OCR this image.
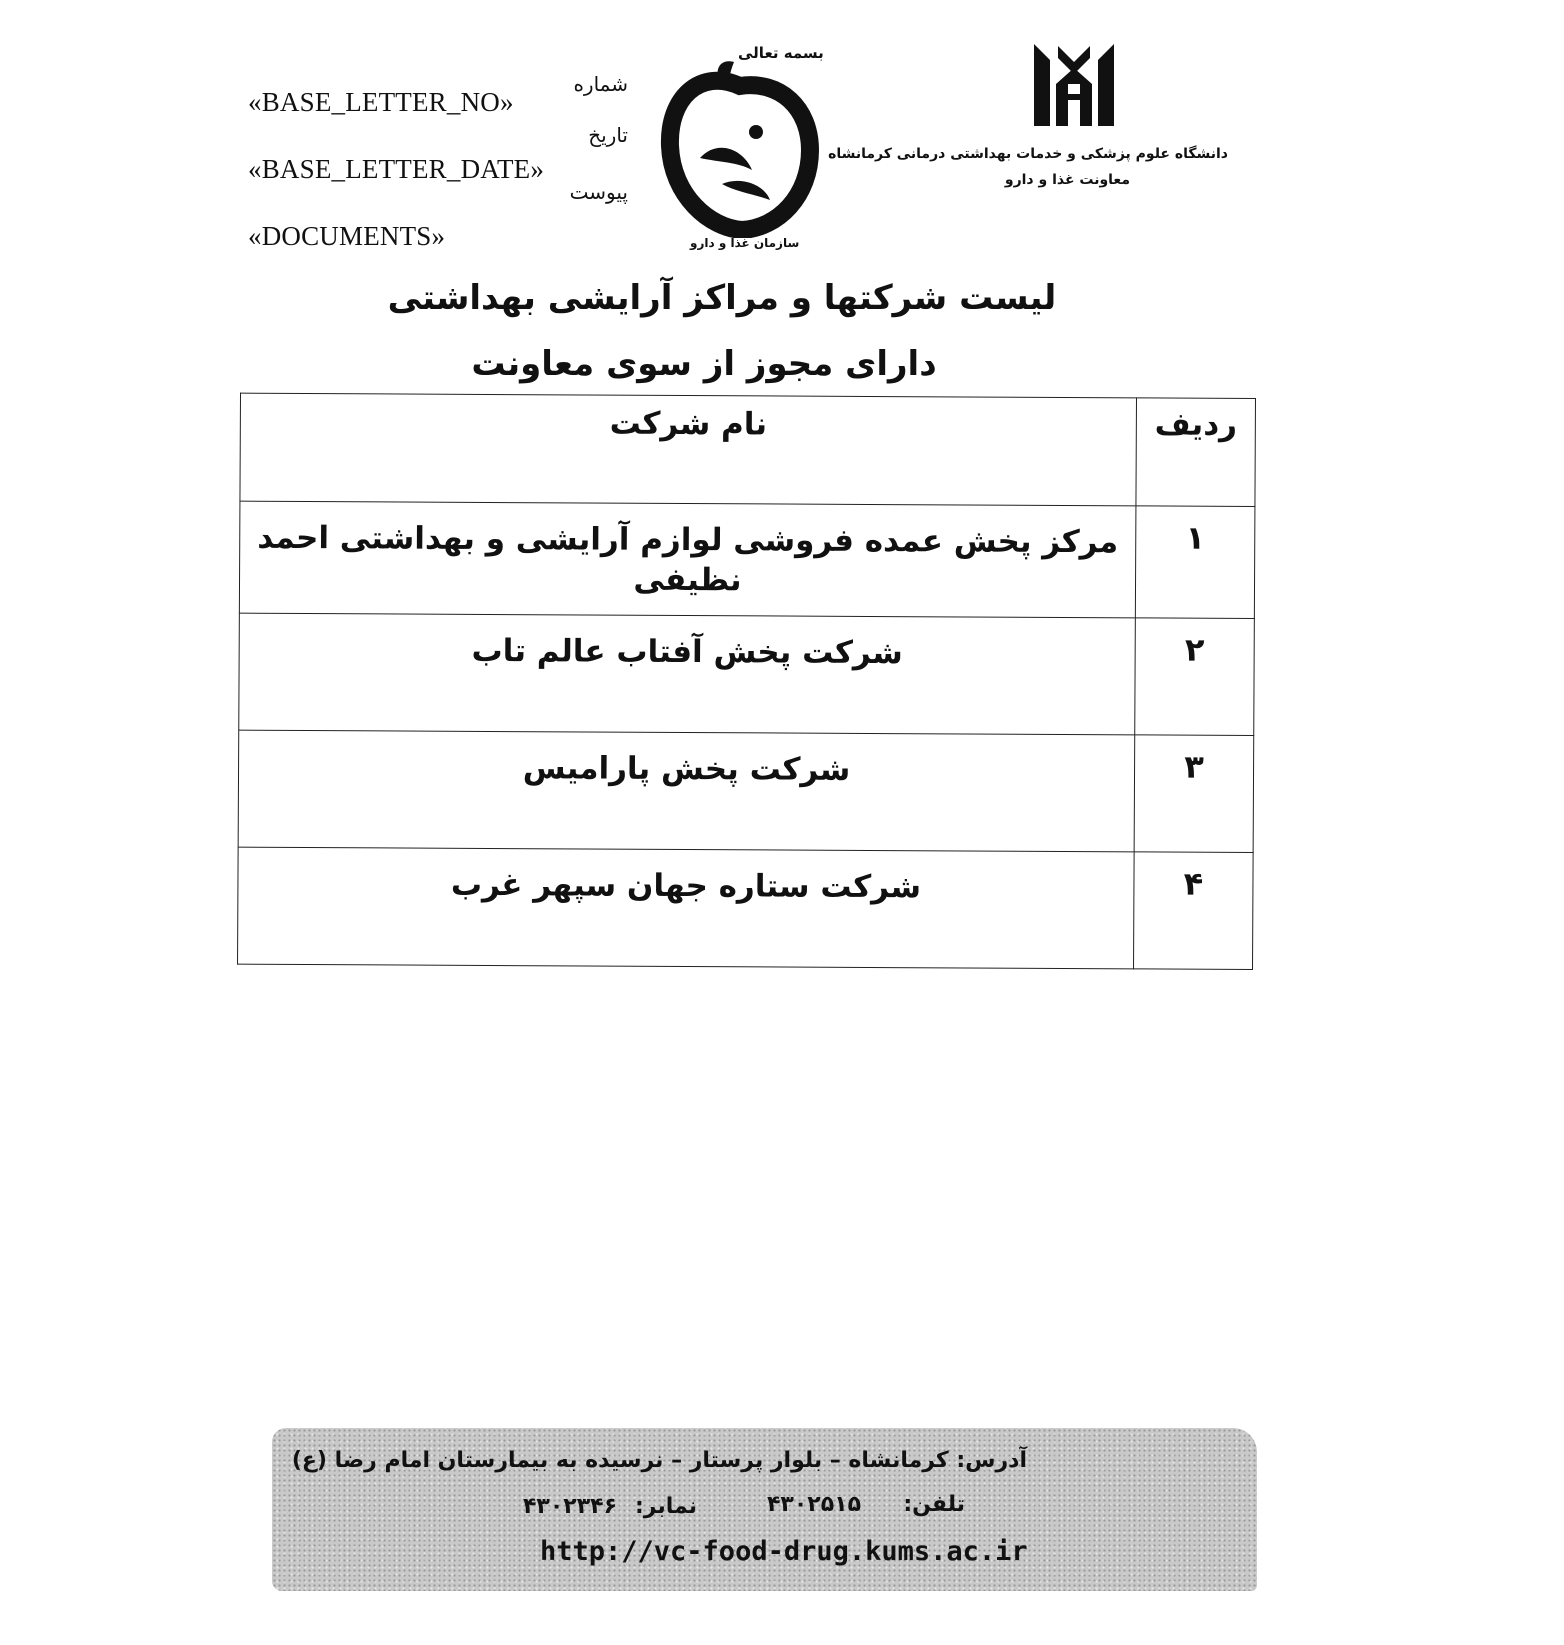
«BASE_LETTER_NO»
شماره
«BASE_LETTER_DATE»
تاریخ
«DOCUMENTS»
پیوست
بسمه تعالی
IRFDO
سازمان غذا و دارو
دانشگاه علوم پزشکی و خدمات بهداشتی درمانی کرمانشاه
معاونت غذا و دارو
لیست شرکتها و مراکز آرایشی بهداشتی
دارای مجوز از سوی معاونت
ردیف	نام شرکت
۱	مرکز پخش عمده فروشی لوازم آرایشی و بهداشتی احمد نظیفی
۲	شرکت پخش آفتاب عالم تاب
۳	شرکت پخش پارامیس
۴	شرکت ستاره جهان سپهر غرب
آدرس: کرمانشاه – بلوار پرستار – نرسیده به بیمارستان امام رضا (ع)
تلفن:
۴۳۰۲۵۱۵
نمابر:
۴۳۰۲۳۴۶
http://vc-food-drug.kums.ac.ir
